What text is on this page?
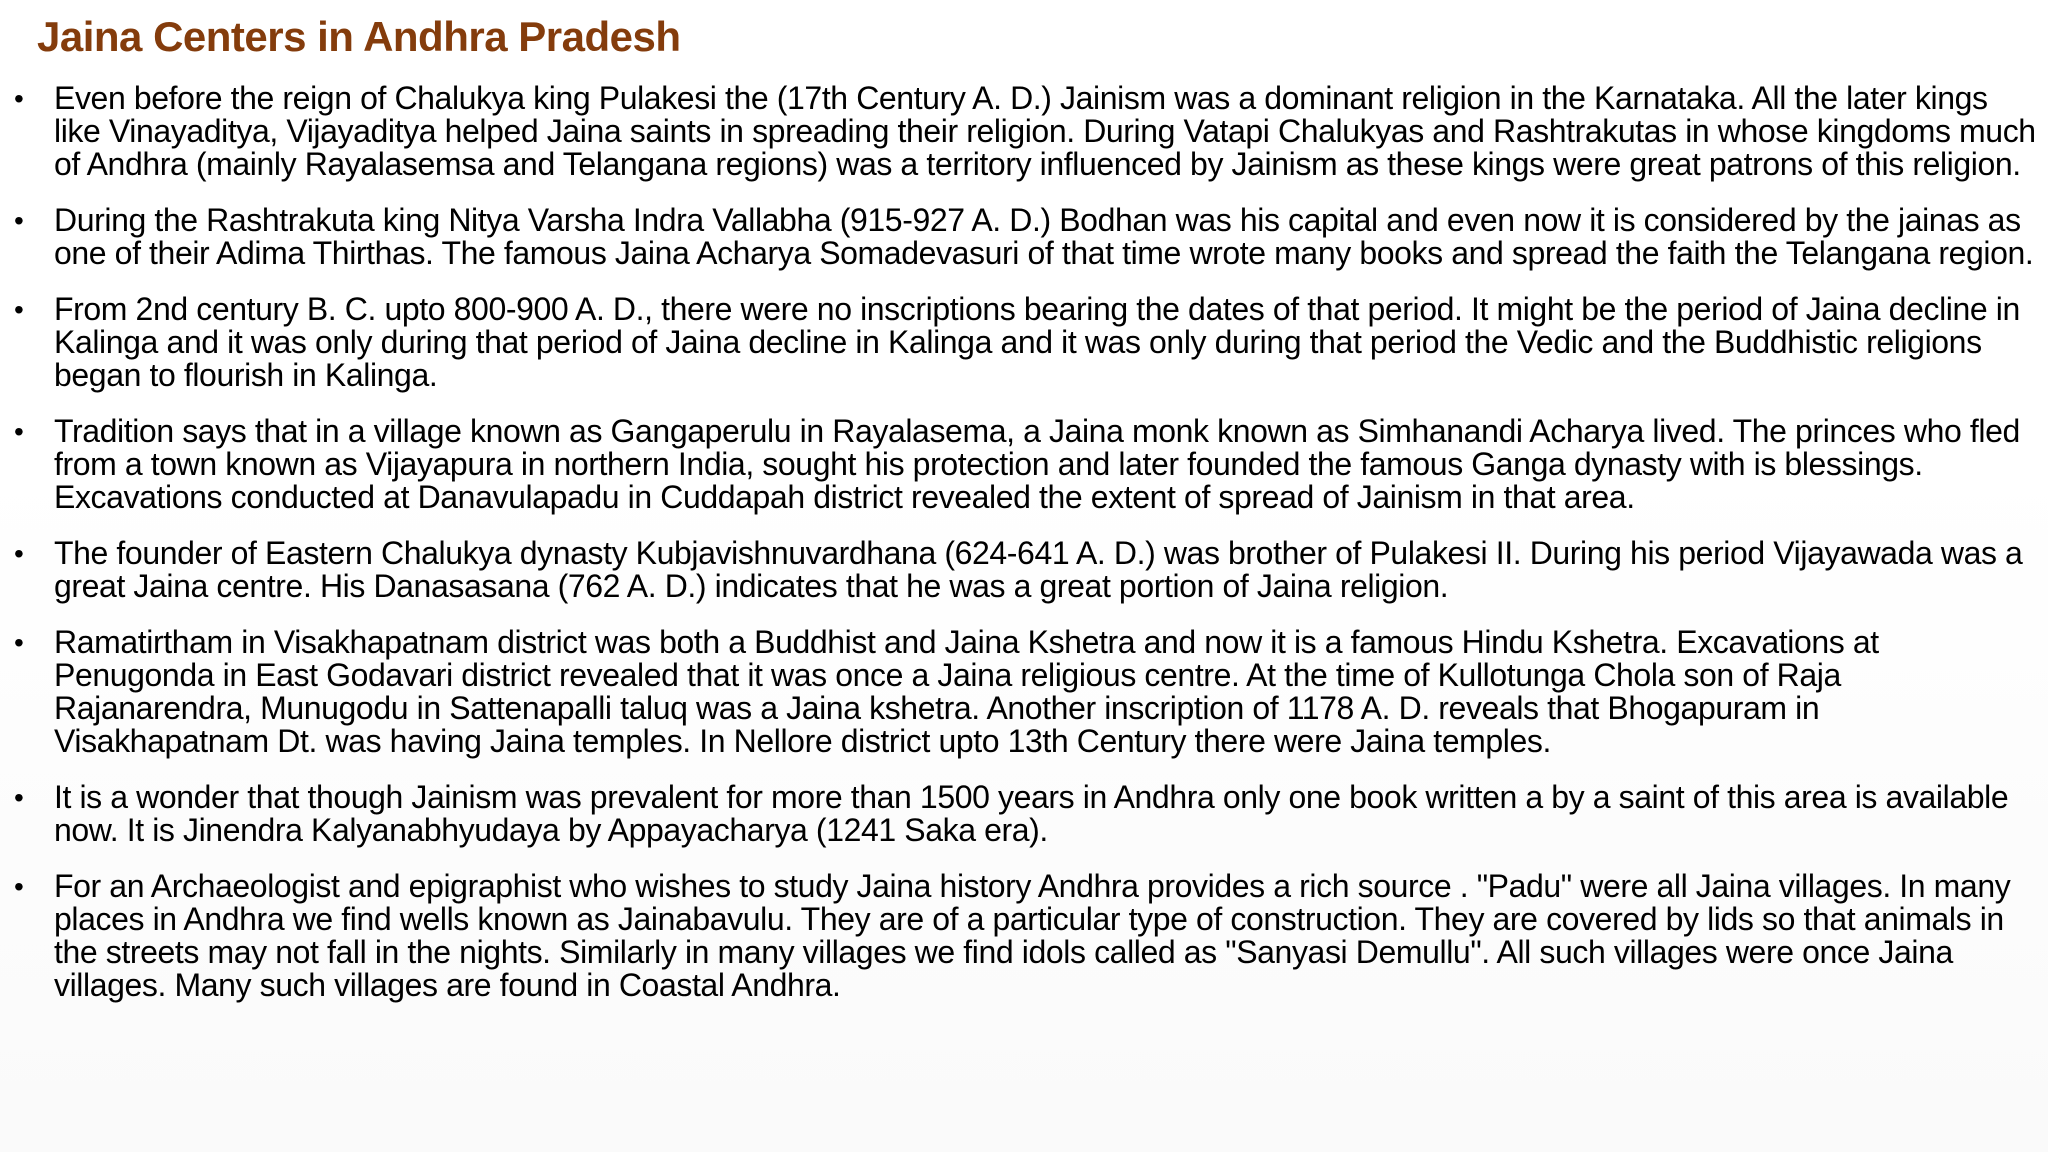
Jaina Centers in Andhra Pradesh
• Even before the reign of Chalukya king Pulakesi the (17th Century A. D.) Jainism was a dominant religion in the Karnataka. All the later kings like Vinayaditya, Vijayaditya helped Jaina saints in spreading their religion. During Vatapi Chalukyas and Rashtrakutas in whose kingdoms much of Andhra (mainly Rayalasemsa and Telangana regions) was a territory influenced by Jainism as these kings were great patrons of this religion.
• During the Rashtrakuta king Nitya Varsha Indra Vallabha (915-927 A. D.) Bodhan was his capital and even now it is considered by the jainas as one of their Adima Thirthas. The famous Jaina Acharya Somadevasuri of that time wrote many books and spread the faith the Telangana region.
• From 2nd century B. C. upto 800-900 A. D., there were no inscriptions bearing the dates of that period. It might be the period of Jaina decline in Kalinga and it was only during that period of Jaina decline in Kalinga and it was only during that period the Vedic and the Buddhistic religions began to flourish in Kalinga.
• Tradition says that in a village known as Gangaperulu in Rayalasema, a Jaina monk known as Simhanandi Acharya lived. The princes who fled from a town known as Vijayapura in northern India, sought his protection and later founded the famous Ganga dynasty with is blessings. Excavations conducted at Danavulapadu in Cuddapah district revealed the extent of spread of Jainism in that area.
• The founder of Eastern Chalukya dynasty Kubjavishnuvardhana (624-641 A. D.) was brother of Pulakesi II. During his period Vijayawada was a great Jaina centre. His Danasasana (762 A. D.) indicates that he was a great portion of Jaina religion.
• Ramatirtham in Visakhapatnam district was both a Buddhist and Jaina Kshetra and now it is a famous Hindu Kshetra. Excavations at Penugonda in East Godavari district revealed that it was once a Jaina religious centre. At the time of Kullotunga Chola son of Raja Rajanarendra, Munugodu in Sattenapalli taluq was a Jaina kshetra. Another inscription of 1178 A. D. reveals that Bhogapuram in Visakhapatnam Dt. was having Jaina temples. In Nellore district upto 13th Century there were Jaina temples.
• It is a wonder that though Jainism was prevalent for more than 1500 years in Andhra only one book written a by a saint of this area is available now. It is Jinendra Kalyanabhyudaya by Appayacharya (1241 Saka era).
• For an Archaeologist and epigraphist who wishes to study Jaina history Andhra provides a rich source . "Padu" were all Jaina villages. In many places in Andhra we find wells known as Jainabavulu. They are of a particular type of construction. They are covered by lids so that animals in the streets may not fall in the nights. Similarly in many villages we find idols called as "Sanyasi Demullu". All such villages were once Jaina villages. Many such villages are found in Coastal Andhra.
